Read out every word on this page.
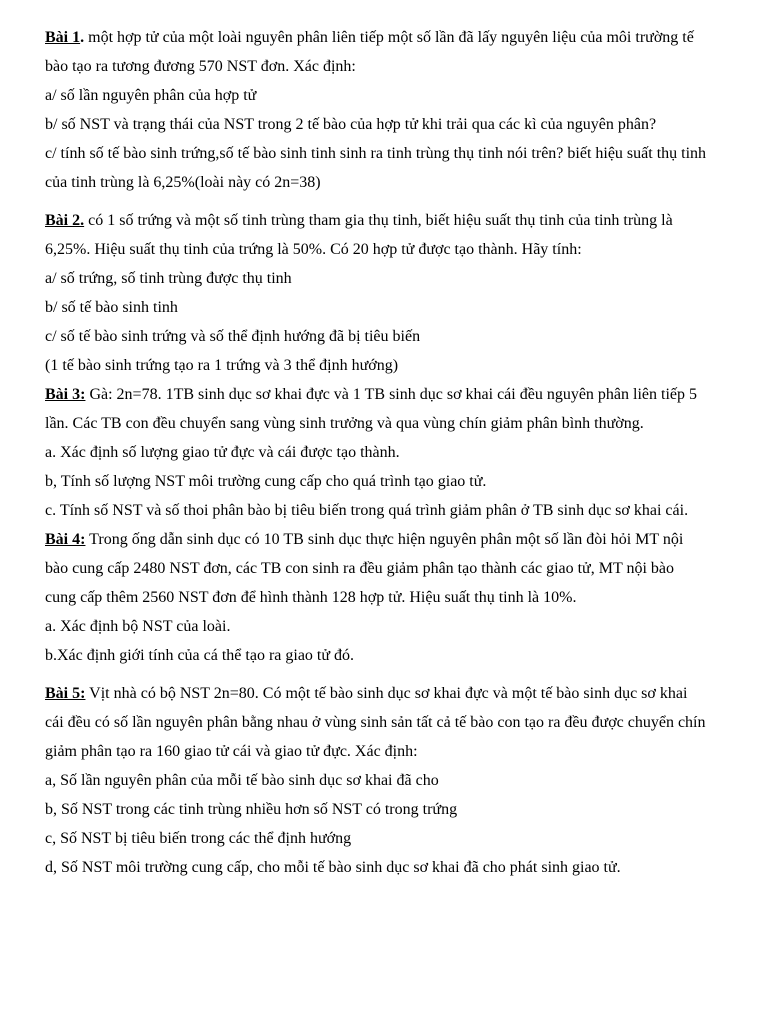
Bài 1. một hợp tử của một loài nguyên phân liên tiếp một số lần đã lấy nguyên liệu của môi trường tế
bào tạo ra tương đương 570 NST đơn. Xác định:
a/ số lần nguyên phân của hợp tử
b/ số NST và trạng thái của NST trong 2 tế bào của hợp tử khi trải qua các kì của nguyên phân?
c/ tính số tế bào sinh trứng,số tế bào sinh tinh sinh ra tinh trùng thụ tinh nói trên? biết hiệu suất thụ tinh
của tinh trùng là 6,25%(loài này có 2n=38)
Bài 2. có 1 số trứng và một số tinh trùng tham gia thụ tinh, biết hiệu suất thụ tinh của tinh trùng là
6,25%. Hiệu suất thụ tinh của trứng là 50%. Có 20 hợp tử được tạo thành. Hãy tính:
a/ số trứng, số tinh trùng được thụ tinh
b/ số tế bào sinh tinh
c/ số tế bào sinh trứng và số thể định hướng đã bị tiêu biến
(1 tế bào sinh trứng tạo ra 1 trứng và 3 thể định hướng)
Bài 3: Gà: 2n=78. 1TB sinh dục sơ khai đực và 1 TB sinh dục sơ khai cái đều nguyên phân liên tiếp 5
lần. Các TB con đều chuyển sang vùng sinh trưởng và qua vùng chín giảm phân bình thường.
a. Xác định số lượng giao tử đực và cái được tạo thành.
b, Tính số lượng NST môi trường cung cấp cho quá trình tạo giao tử.
c. Tính số NST và số thoi phân bào bị tiêu biến trong quá trình giảm phân ở TB sinh dục sơ khai cái.
Bài 4: Trong ống dẫn sinh dục có 10 TB sinh dục thực hiện nguyên phân một số lần đòi hỏi MT nội
bào cung cấp 2480 NST đơn, các TB con sinh ra đều giảm phân tạo thành các giao tử, MT nội bào
cung cấp thêm 2560 NST đơn để hình thành 128 hợp tử. Hiệu suất thụ tinh là 10%.
a. Xác định bộ NST của loài.
b.Xác định giới tính của cá thể tạo ra giao tử đó.
Bài 5: Vịt nhà có bộ NST 2n=80. Có một tế bào sinh dục sơ khai đực và một tế bào sinh dục sơ khai
cái đều có số lần nguyên phân bằng nhau ở vùng sinh sản tất cả tế bào con tạo ra đều được chuyển chín
giảm phân tạo ra 160 giao tử cái và giao tử đực. Xác định:
a, Số lần nguyên phân của mỗi tế bào sinh dục sơ khai đã cho
b, Số NST trong các tinh trùng nhiều hơn số NST có trong trứng
c, Số NST bị tiêu biến trong các thể định hướng
d, Số NST môi trường cung cấp, cho mỗi tế bào sinh dục sơ khai đã cho phát sinh giao tử.
